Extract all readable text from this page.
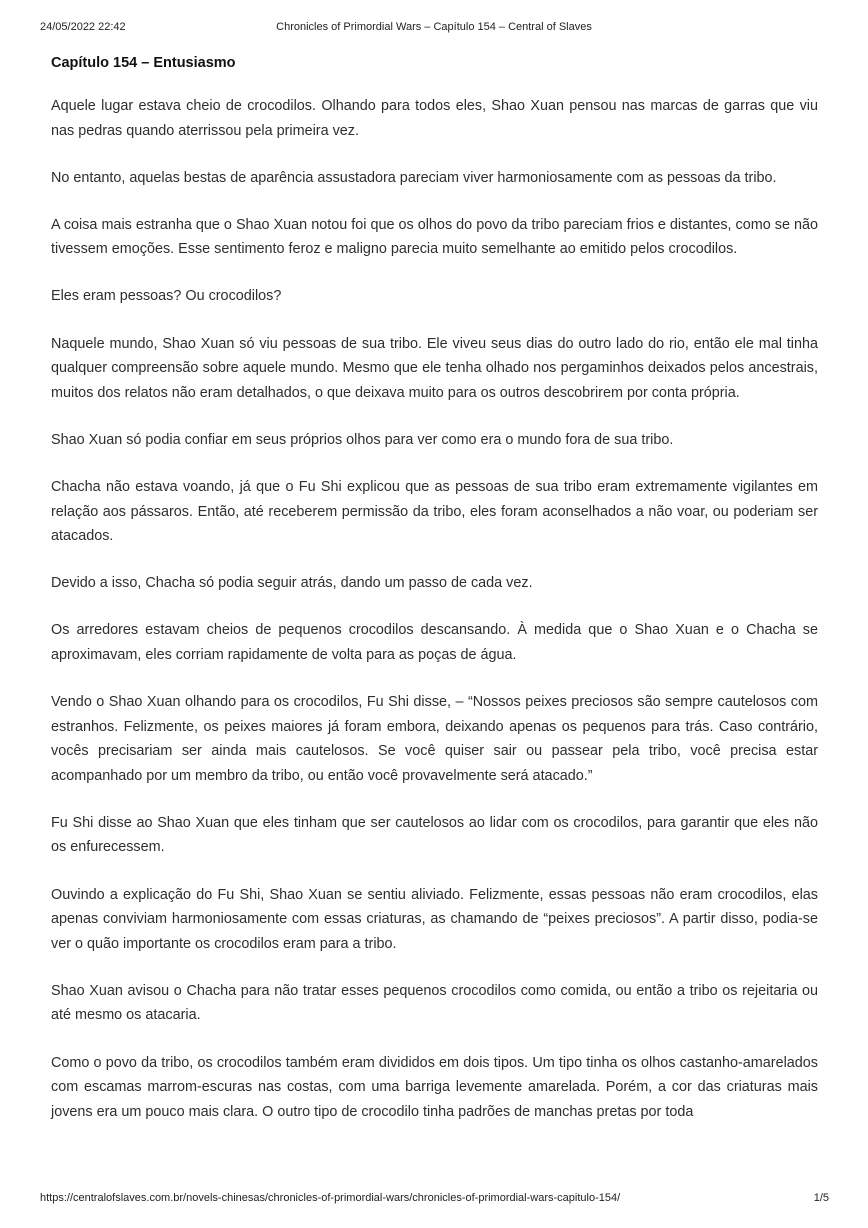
24/05/2022 22:42	Chronicles of Primordial Wars – Capítulo 154 – Central of Slaves
Capítulo 154 – Entusiasmo

Aquele lugar estava cheio de crocodilos. Olhando para todos eles, Shao Xuan pensou nas marcas de garras que viu nas pedras quando aterrissou pela primeira vez.

No entanto, aquelas bestas de aparência assustadora pareciam viver harmoniosamente com as pessoas da tribo.

A coisa mais estranha que o Shao Xuan notou foi que os olhos do povo da tribo pareciam frios e distantes, como se não tivessem emoções. Esse sentimento feroz e maligno parecia muito semelhante ao emitido pelos crocodilos.

Eles eram pessoas? Ou crocodilos?

Naquele mundo, Shao Xuan só viu pessoas de sua tribo. Ele viveu seus dias do outro lado do rio, então ele mal tinha qualquer compreensão sobre aquele mundo. Mesmo que ele tenha olhado nos pergaminhos deixados pelos ancestrais, muitos dos relatos não eram detalhados, o que deixava muito para os outros descobrirem por conta própria.

Shao Xuan só podia confiar em seus próprios olhos para ver como era o mundo fora de sua tribo.

Chacha não estava voando, já que o Fu Shi explicou que as pessoas de sua tribo eram extremamente vigilantes em relação aos pássaros. Então, até receberem permissão da tribo, eles foram aconselhados a não voar, ou poderiam ser atacados.

Devido a isso, Chacha só podia seguir atrás, dando um passo de cada vez.

Os arredores estavam cheios de pequenos crocodilos descansando. À medida que o Shao Xuan e o Chacha se aproximavam, eles corriam rapidamente de volta para as poças de água.

Vendo o Shao Xuan olhando para os crocodilos, Fu Shi disse, – “Nossos peixes preciosos são sempre cautelosos com estranhos. Felizmente, os peixes maiores já foram embora, deixando apenas os pequenos para trás. Caso contrário, vocês precisariam ser ainda mais cautelosos. Se você quiser sair ou passear pela tribo, você precisa estar acompanhado por um membro da tribo, ou então você provavelmente será atacado.”

Fu Shi disse ao Shao Xuan que eles tinham que ser cautelosos ao lidar com os crocodilos, para garantir que eles não os enfurecessem.

Ouvindo a explicação do Fu Shi, Shao Xuan se sentiu aliviado. Felizmente, essas pessoas não eram crocodilos, elas apenas conviviam harmoniosamente com essas criaturas, as chamando de “peixes preciosos”. A partir disso, podia-se ver o quão importante os crocodilos eram para a tribo.

Shao Xuan avisou o Chacha para não tratar esses pequenos crocodilos como comida, ou então a tribo os rejeitaria ou até mesmo os atacaria.

Como o povo da tribo, os crocodilos também eram divididos em dois tipos. Um tipo tinha os olhos castanho-amarelados com escamas marrom-escuras nas costas, com uma barriga levemente amarelada. Porém, a cor das criaturas mais jovens era um pouco mais clara. O outro tipo de crocodilo tinha padrões de manchas pretas por toda

https://centralofslaves.com.br/novels-chinesas/chronicles-of-primordial-wars/chronicles-of-primordial-wars-capitulo-154/	1/5
